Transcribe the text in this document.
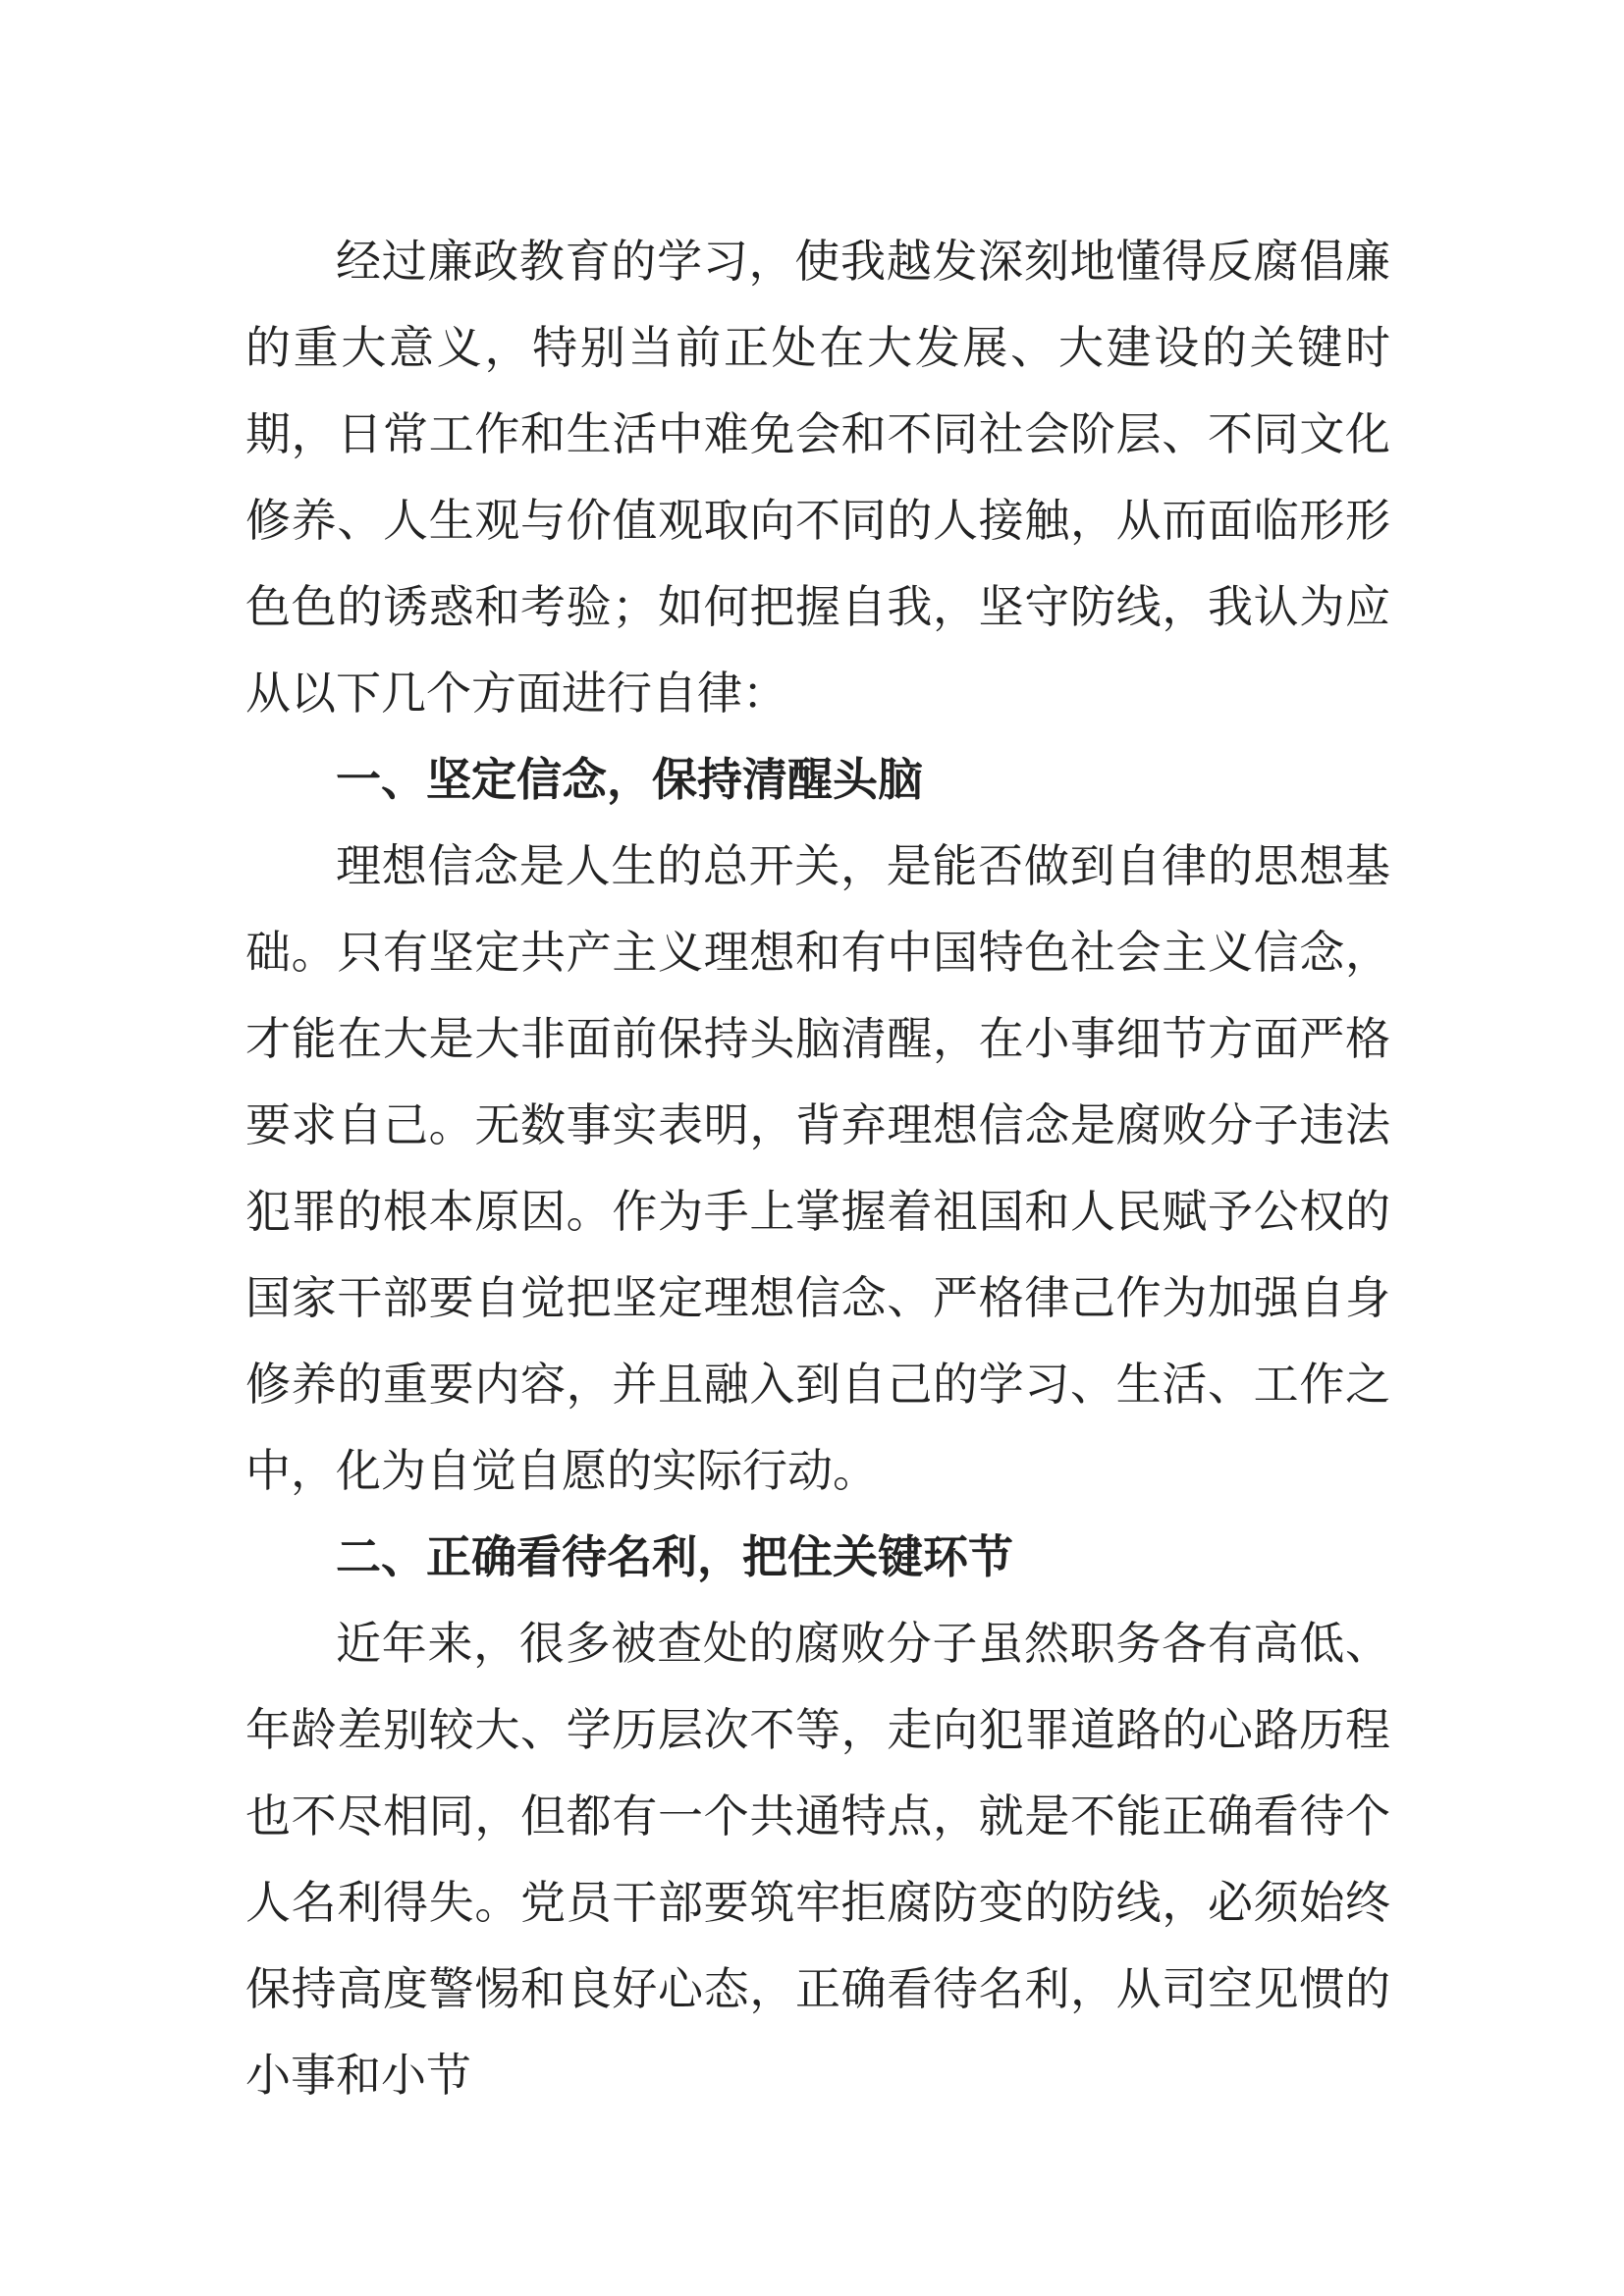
经过廉政教育的学习，使我越发深刻地懂得反腐倡廉的重大意义，特别当前正处在大发展、大建设的关键时期，日常工作和生活中难免会和不同社会阶层、不同文化修养、人生观与价值观取向不同的人接触，从而面临形形色色的诱惑和考验；如何把握自我，坚守防线，我认为应从以下几个方面进行自律：

一、坚定信念，保持清醒头脑

理想信念是人生的总开关，是能否做到自律的思想基础。只有坚定共产主义理想和有中国特色社会主义信念，才能在大是大非面前保持头脑清醒，在小事细节方面严格要求自己。无数事实表明，背弃理想信念是腐败分子违法犯罪的根本原因。作为手上掌握着祖国和人民赋予公权的国家干部要自觉把坚定理想信念、严格律己作为加强自身修养的重要内容，并且融入到自己的学习、生活、工作之中，化为自觉自愿的实际行动。

二、正确看待名利，把住关键环节

近年来，很多被查处的腐败分子虽然职务各有高低、年龄差别较大、学历层次不等，走向犯罪道路的心路历程也不尽相同，但都有一个共通特点，就是不能正确看待个人名利得失。党员干部要筑牢拒腐防变的防线，必须始终保持高度警惕和良好心态，正确看待名利，从司空见惯的小事和小节
